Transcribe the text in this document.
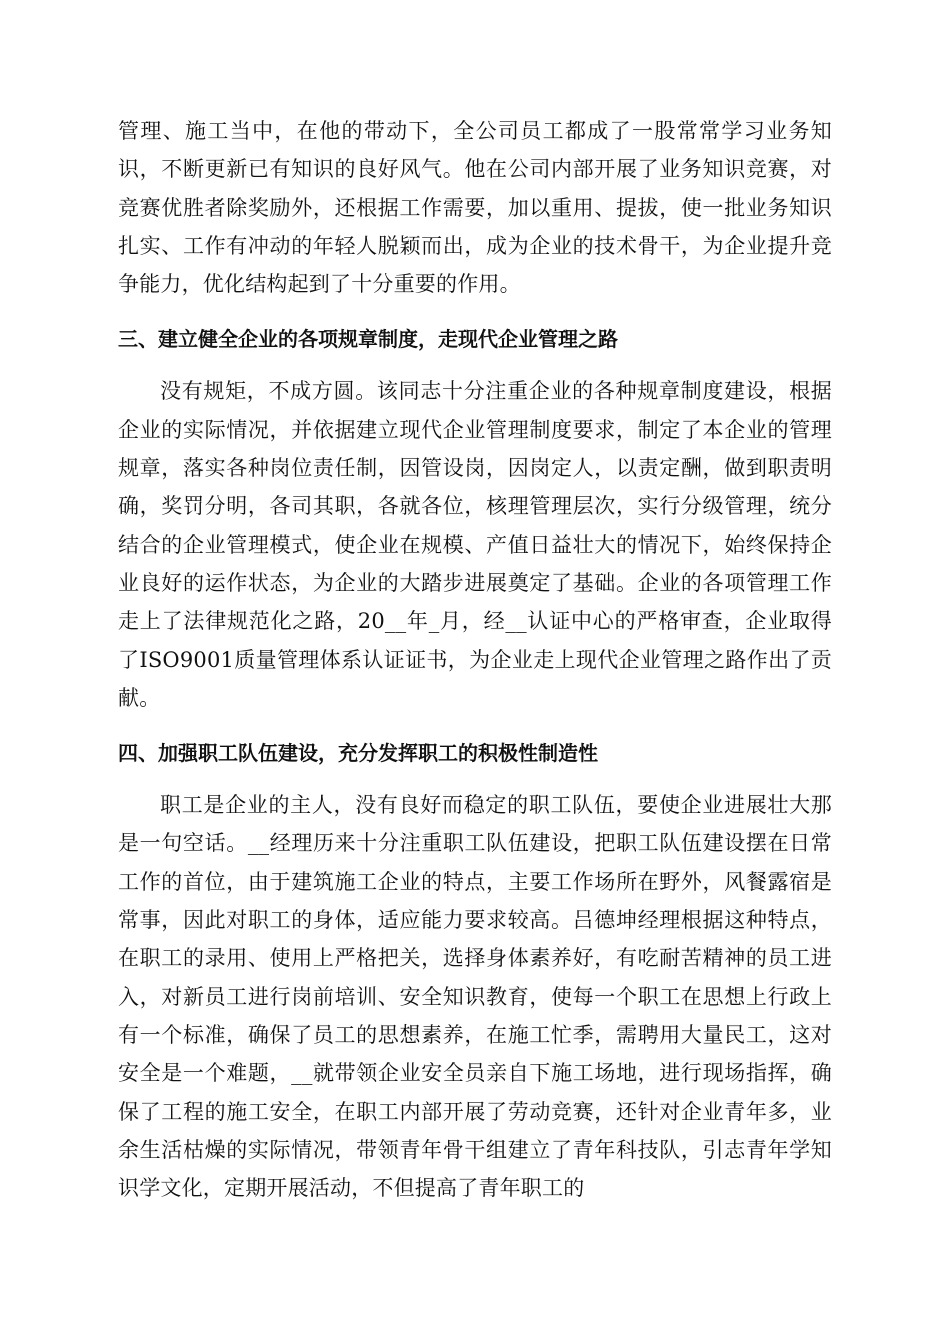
管理、施工当中，在他的带动下，全公司员工都成了一股常常学习业务知识，不断更新已有知识的良好风气。他在公司内部开展了业务知识竞赛，对竞赛优胜者除奖励外，还根据工作需要，加以重用、提拔，使一批业务知识扎实、工作有冲动的年轻人脱颖而出，成为企业的技术骨干，为企业提升竞争能力，优化结构起到了十分重要的作用。

三、建立健全企业的各项规章制度，走现代企业管理之路

没有规矩，不成方圆。该同志十分注重企业的各种规章制度建设，根据企业的实际情况，并依据建立现代企业管理制度要求，制定了本企业的管理规章，落实各种岗位责任制，因管设岗，因岗定人，以责定酬，做到职责明确，奖罚分明，各司其职，各就各位，核理管理层次，实行分级管理，统分结合的企业管理模式，使企业在规模、产值日益壮大的情况下，始终保持企业良好的运作状态，为企业的大踏步进展奠定了基础。企业的各项管理工作走上了法律规范化之路，20__年_月，经__认证中心的严格审查，企业取得了ISO9001质量管理体系认证证书，为企业走上现代企业管理之路作出了贡献。

四、加强职工队伍建设，充分发挥职工的积极性制造性

职工是企业的主人，没有良好而稳定的职工队伍，要使企业进展壮大那是一句空话。__经理历来十分注重职工队伍建设，把职工队伍建设摆在日常工作的首位，由于建筑施工企业的特点，主要工作场所在野外，风餐露宿是常事，因此对职工的身体，适应能力要求较高。吕德坤经理根据这种特点，在职工的录用、使用上严格把关，选择身体素养好，有吃耐苦精神的员工进入，对新员工进行岗前培训、安全知识教育，使每一个职工在思想上行政上有一个标准，确保了员工的思想素养，在施工忙季，需聘用大量民工，这对安全是一个难题，__就带领企业安全员亲自下施工场地，进行现场指挥，确保了工程的施工安全，在职工内部开展了劳动竞赛，还针对企业青年多，业余生活枯燥的实际情况，带领青年骨干组建立了青年科技队，引志青年学知识学文化，定期开展活动，不但提高了青年职工的
